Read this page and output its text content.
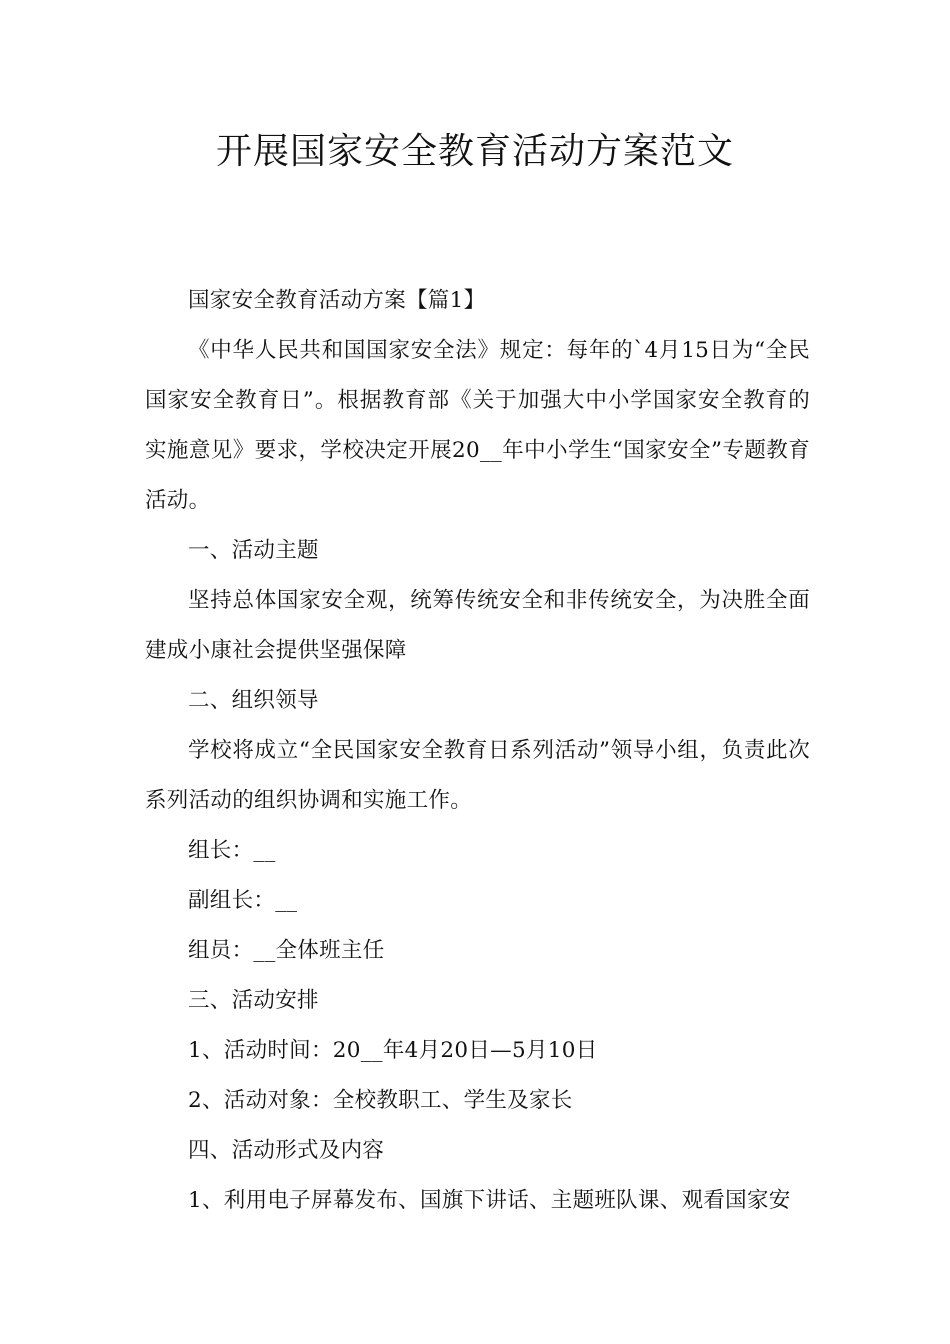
开展国家安全教育活动方案范文

国家安全教育活动方案【篇1】

《中华人民共和国国家安全法》规定：每年的`4月15日为“全民国家安全教育日”。根据教育部《关于加强大中小学国家安全教育的实施意见》要求，学校决定开展20__年中小学生“国家安全”专题教育活动。

一、活动主题

坚持总体国家安全观，统筹传统安全和非传统安全，为决胜全面建成小康社会提供坚强保障

二、组织领导

学校将成立“全民国家安全教育日系列活动”领导小组，负责此次系列活动的组织协调和实施工作。

组长：__

副组长：__

组员：__全体班主任

三、活动安排

1、活动时间：20__年4月20日—5月10日

2、活动对象：全校教职工、学生及家长

四、活动形式及内容

1、利用电子屏幕发布、国旗下讲话、主题班队课、观看国家安
